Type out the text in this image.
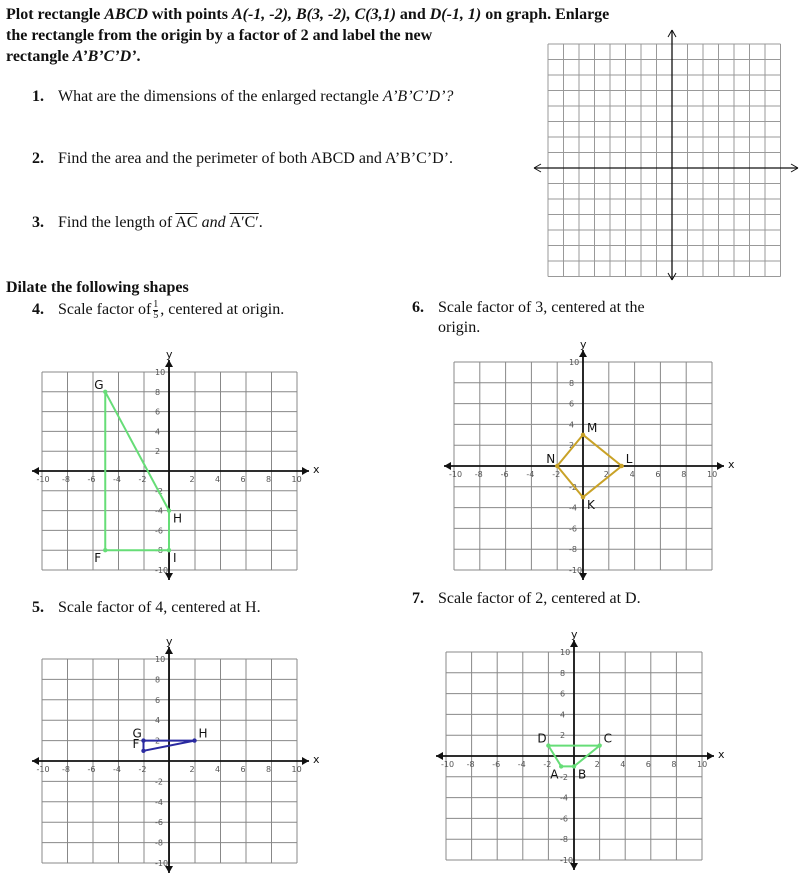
Plot rectangle ABCD with points A(-1, -2), B(3, -2), C(3,1) and D(-1, 1) on graph. Enlarge
the rectangle from the origin by a factor of 2 and label the new
rectangle A’B’C’D’.
1. What are the dimensions of the enlarged rectangle A’B’C’D’?
2. Find the area and the perimeter of both ABCD and A’B’C’D’.
3. Find the length of $\overline{AC}$ and A′C′.
Dilate the following shapes
4. Scale factor of $\frac{1}{5}$ , centered at origin.	6. Scale factor of 3, centered at the
origin.
5. Scale factor of 4, centered at H.
7. Scale factor of 2, centered at D.
x
y
-10 -8 -6 -4 -2	2	4	6	8	10
10
8
6
4
2
-2
-4
-6
-8
-10
G
H
I
F
x
y
-10 -8 -6 -4 -2	2	4	6	8	10
10
8
6
4
2
-2
-4
-6
-8
-10
M
L
K
N
x
y
-10 -8 -6 -4 -2	2	4	6	8	10
10
8
6
4
2
-2
-4
-6
-8
-10
G	H
F
x
y
-10 -8 -6 -4 -2	2	4	6	8	10
10
8
6
4
2
-2
-4
-6
-8
-10
D	C
B
A
